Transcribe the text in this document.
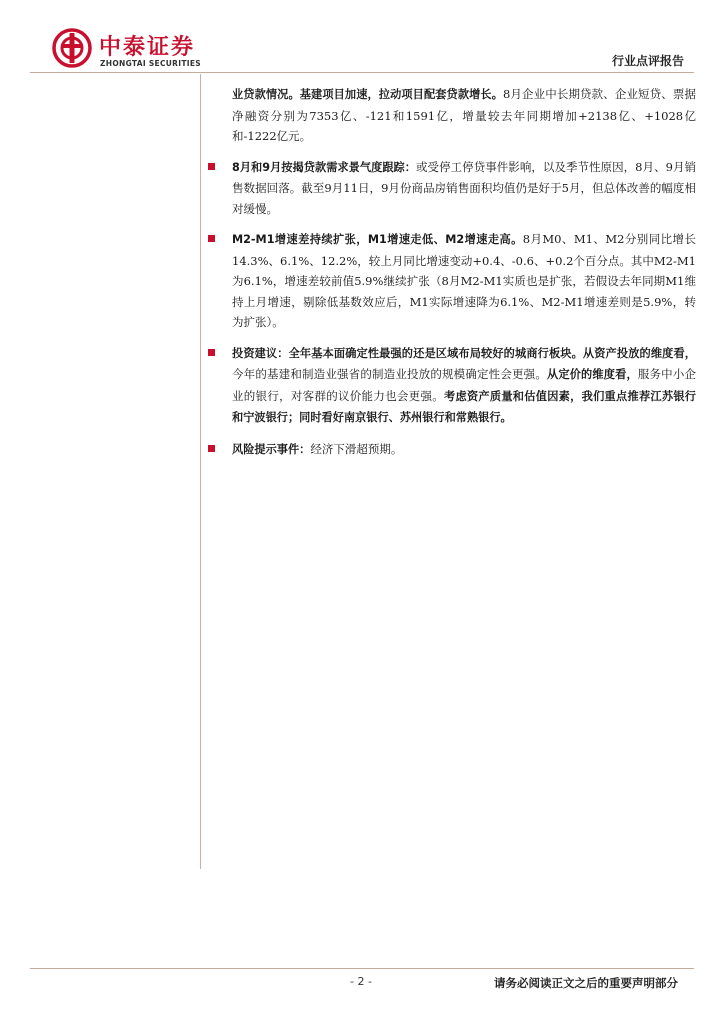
中泰证券
ZHONGTAI SECURITIES	行业点评报告
业贷款情况。基建项目加速，拉动项目配套贷款增长。8月企业中长期贷款、企业短贷、票据净融资分别为7353亿、-121和1591亿，增量较去年同期增加+2138亿、+1028亿和-1222亿元。
8月和9月按揭贷款需求景气度跟踪：或受停工停贷事件影响，以及季节性原因，8月、9月销售数据回落。截至9月11日，9月份商品房销售面积均值仍是好于5月，但总体改善的幅度相对缓慢。
M2-M1增速差持续扩张，M1增速走低、M2增速走高。8月M0、M1、M2分别同比增长14.3%、6.1%、12.2%，较上月同比增速变动+0.4、-0.6、+0.2个百分点。其中M2-M1为6.1%，增速差较前值5.9%继续扩张（8月M2-M1实质也是扩张，若假设去年同期M1维持上月增速，剔除低基数效应后，M1实际增速降为6.1%、M2-M1增速差则是5.9%，转为扩张）。
投资建议：全年基本面确定性最强的还是区域布局较好的城商行板块。从资产投放的维度看，今年的基建和制造业强省的制造业投放的规模确定性会更强。从定价的维度看，服务中小企业的银行，对客群的议价能力也会更强。考虑资产质量和估值因素，我们重点推荐江苏银行和宁波银行；同时看好南京银行、苏州银行和常熟银行。
风险提示事件：经济下滑超预期。
- 2 -	请务必阅读正文之后的重要声明部分
